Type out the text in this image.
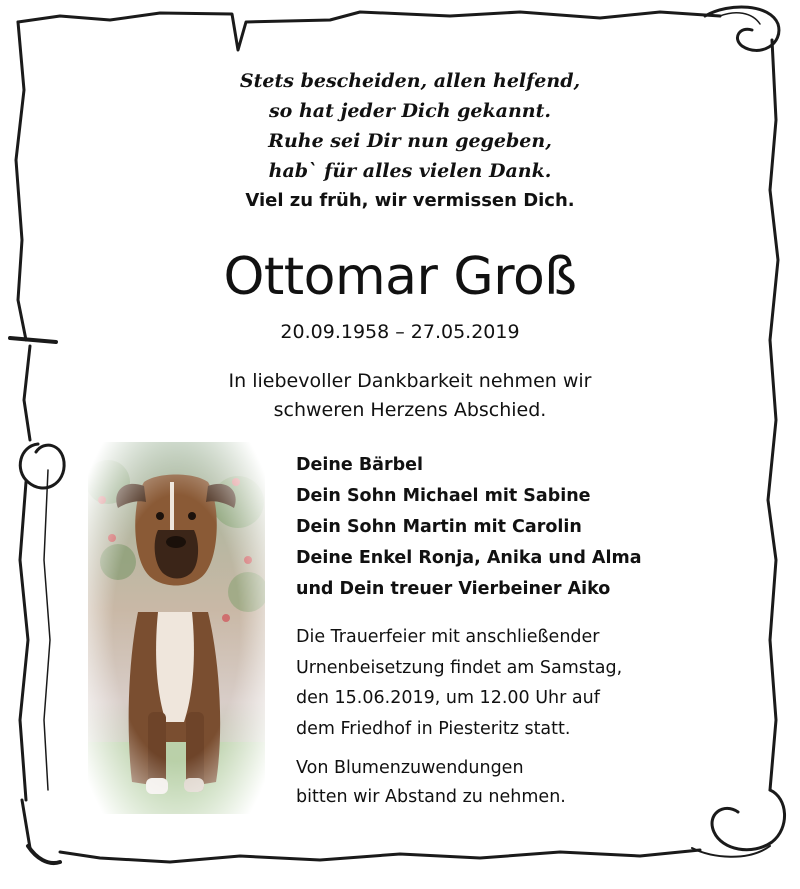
Stets bescheiden, allen helfend,
so hat jeder Dich gekannt.
Ruhe sei Dir nun gegeben,
hab` für alles vielen Dank.
Viel zu früh, wir vermissen Dich.
Ottomar Groß
20.09.1958 – 27.05.2019
In liebevoller Dankbarkeit nehmen wir
schweren Herzens Abschied.
Deine Bärbel
Dein Sohn Michael mit Sabine
Dein Sohn Martin mit Carolin
Deine Enkel Ronja, Anika und Alma
und Dein treuer Vierbeiner Aiko
Die Trauerfeier mit anschließender
Urnenbeisetzung findet am Samstag,
den 15.06.2019, um 12.00 Uhr auf
dem Friedhof in Piesteritz statt.
Von Blumenzuwendungen
bitten wir Abstand zu nehmen.
